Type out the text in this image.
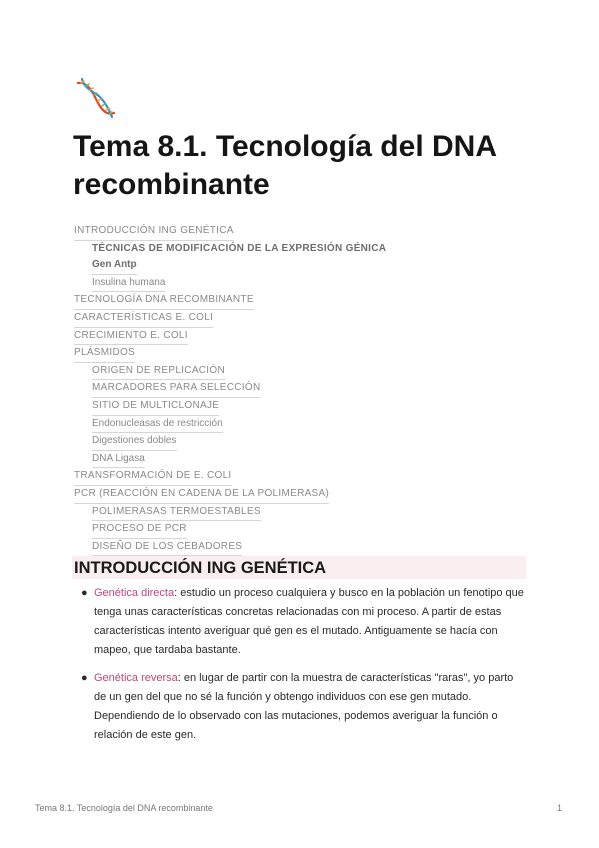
Tema 8.1. Tecnología del DNA recombinante
INTRODUCCIÓN ING GENÉTICA
TÉCNICAS DE MODIFICACIÓN DE LA EXPRESIÓN GÉNICA
Gen Antp
Insulina humana
TECNOLOGÍA DNA RECOMBINANTE
CARACTERÍSTICAS E. COLI
CRECIMIENTO E. COLI
PLÁSMIDOS
ORIGEN DE REPLICACIÓN
MARCADORES PARA SELECCIÓN
SITIO DE MULTICLONAJE
Endonucleasas de restricción
Digestiones dobles
DNA Ligasa
TRANSFORMACIÓN DE E. COLI
PCR (REACCIÓN EN CADENA DE LA POLIMERASA)
POLIMERASAS TERMOESTABLES
PROCESO DE PCR
DISEÑO DE LOS CEBADORES
INTRODUCCIÓN ING GENÉTICA
● Genética directa: estudio un proceso cualquiera y busco en la población un fenotipo que tenga unas características concretas relacionadas con mi proceso. A partir de estas características intento averiguar qué gen es el mutado. Antiguamente se hacía con mapeo, que tardaba bastante.
● Genética reversa: en lugar de partir con la muestra de características "raras", yo parto de un gen del que no sé la función y obtengo individuos con ese gen mutado. Dependiendo de lo observado con las mutaciones, podemos averiguar la función o relación de este gen.
Tema 8.1. Tecnología del DNA recombinante	1
